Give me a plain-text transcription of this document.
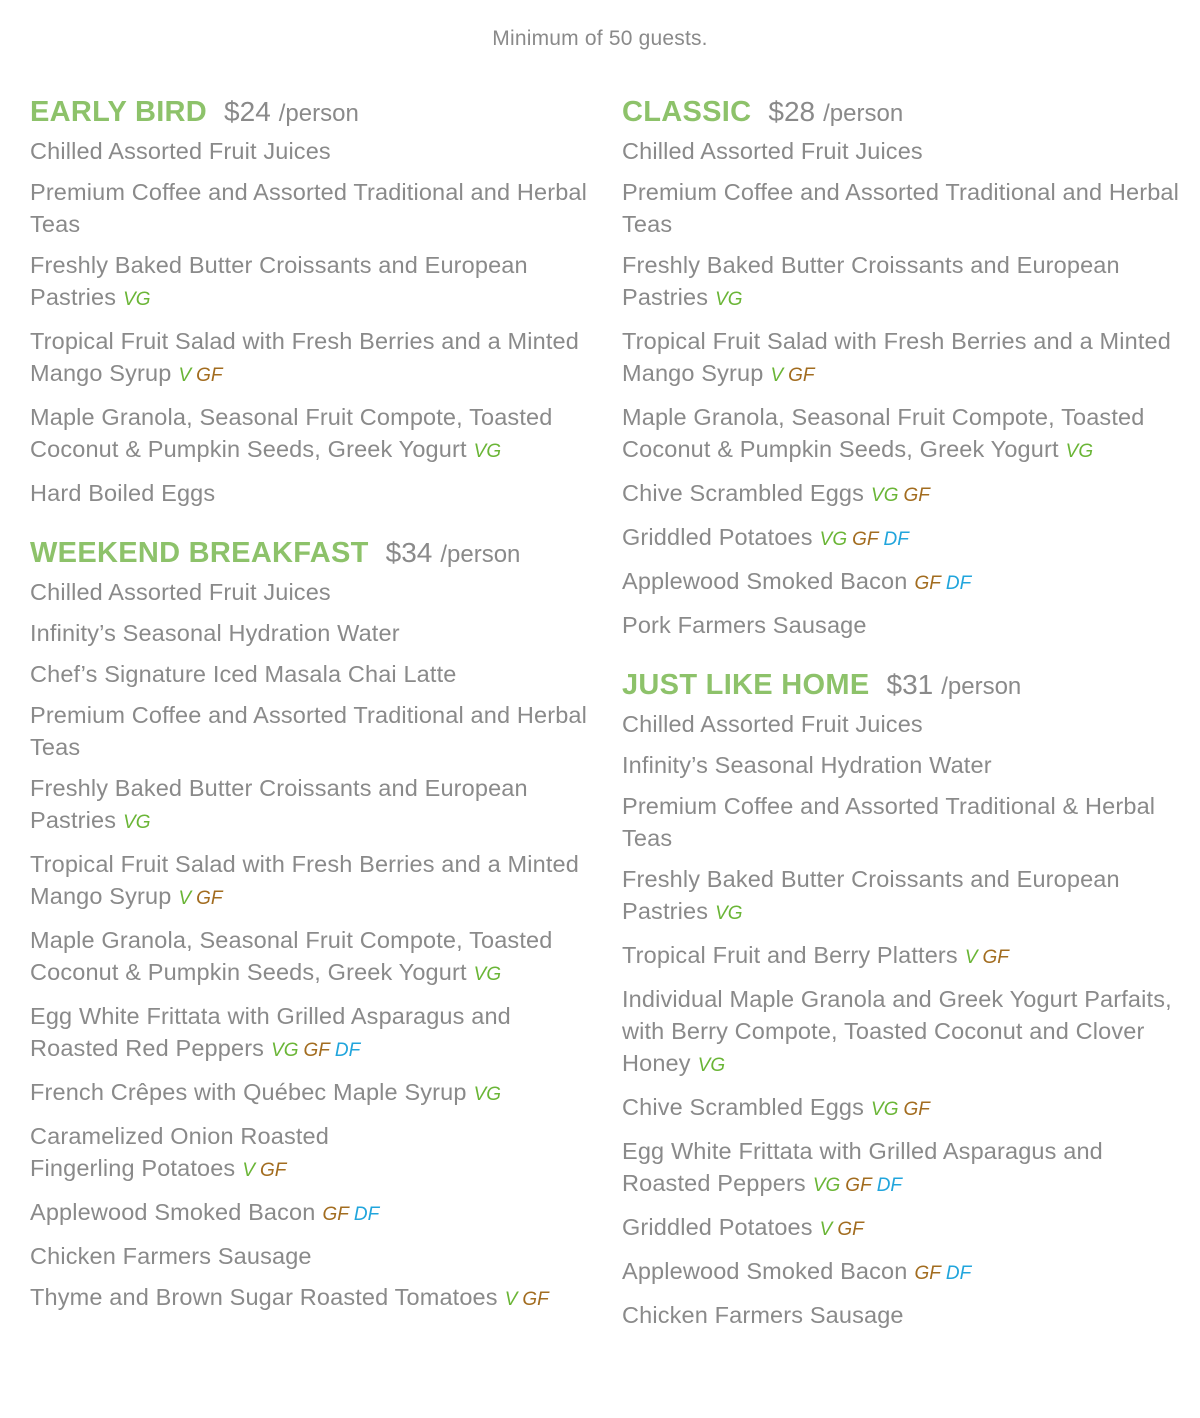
Minimum of 50 guests.
EARLY BIRD $24 /person
Chilled Assorted Fruit Juices
Premium Coffee and Assorted Traditional and Herbal Teas
Freshly Baked Butter Croissants and European Pastries VG
Tropical Fruit Salad with Fresh Berries and a Minted Mango Syrup V GF
Maple Granola, Seasonal Fruit Compote, Toasted Coconut & Pumpkin Seeds, Greek Yogurt VG
Hard Boiled Eggs
WEEKEND BREAKFAST $34 /person
Chilled Assorted Fruit Juices
Infinity’s Seasonal Hydration Water
Chef’s Signature Iced Masala Chai Latte
Premium Coffee and Assorted Traditional and Herbal Teas
Freshly Baked Butter Croissants and European Pastries VG
Tropical Fruit Salad with Fresh Berries and a Minted Mango Syrup V GF
Maple Granola, Seasonal Fruit Compote, Toasted Coconut & Pumpkin Seeds, Greek Yogurt VG
Egg White Frittata with Grilled Asparagus and Roasted Red Peppers VG GF DF
French Crêpes with Québec Maple Syrup VG
Caramelized Onion Roasted
Fingerling Potatoes V GF
Applewood Smoked Bacon GF DF
Chicken Farmers Sausage
Thyme and Brown Sugar Roasted Tomatoes V GF
CLASSIC $28 /person
Chilled Assorted Fruit Juices
Premium Coffee and Assorted Traditional and Herbal Teas
Freshly Baked Butter Croissants and European Pastries VG
Tropical Fruit Salad with Fresh Berries and a Minted Mango Syrup V GF
Maple Granola, Seasonal Fruit Compote, Toasted Coconut & Pumpkin Seeds, Greek Yogurt VG
Chive Scrambled Eggs VG GF
Griddled Potatoes VG GF DF
Applewood Smoked Bacon GF DF
Pork Farmers Sausage
JUST LIKE HOME $31 /person
Chilled Assorted Fruit Juices
Infinity’s Seasonal Hydration Water
Premium Coffee and Assorted Traditional & Herbal Teas
Freshly Baked Butter Croissants and European Pastries VG
Tropical Fruit and Berry Platters V GF
Individual Maple Granola and Greek Yogurt Parfaits, with Berry Compote, Toasted Coconut and Clover Honey VG
Chive Scrambled Eggs VG GF
Egg White Frittata with Grilled Asparagus and Roasted Peppers VG GF DF
Griddled Potatoes V GF
Applewood Smoked Bacon GF DF
Chicken Farmers Sausage
